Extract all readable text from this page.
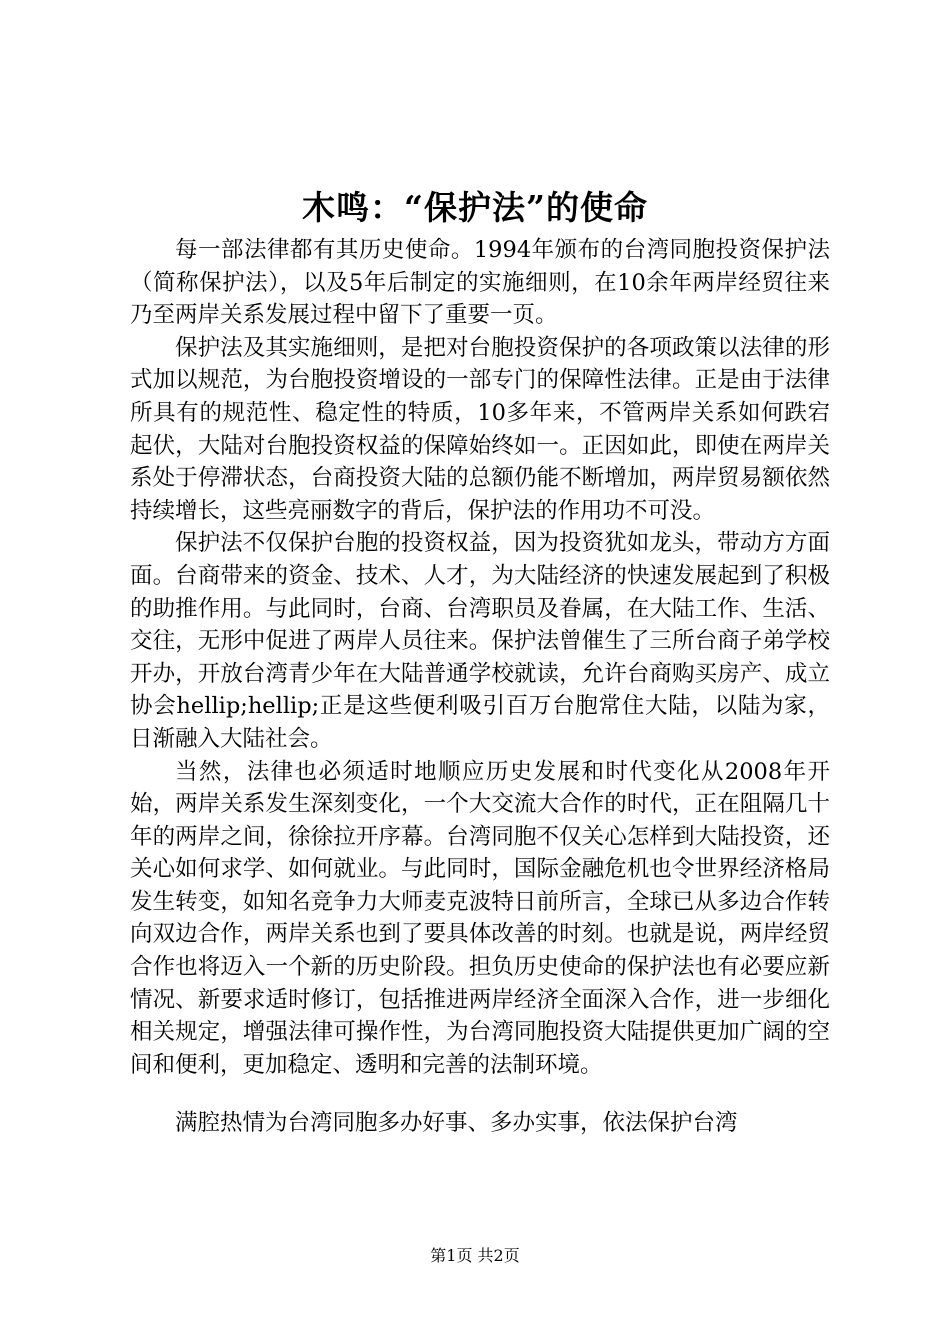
木鸣：“保护法”的使命

每一部法律都有其历史使命。1994年颁布的台湾同胞投资保护法（简称保护法），以及5年后制定的实施细则，在10余年两岸经贸往来乃至两岸关系发展过程中留下了重要一页。

保护法及其实施细则，是把对台胞投资保护的各项政策以法律的形式加以规范，为台胞投资增设的一部专门的保障性法律。正是由于法律所具有的规范性、稳定性的特质，10多年来，不管两岸关系如何跌宕起伏，大陆对台胞投资权益的保障始终如一。正因如此，即使在两岸关系处于停滞状态，台商投资大陆的总额仍能不断增加，两岸贸易额依然持续增长，这些亮丽数字的背后，保护法的作用功不可没。

保护法不仅保护台胞的投资权益，因为投资犹如龙头，带动方方面面。台商带来的资金、技术、人才，为大陆经济的快速发展起到了积极的助推作用。与此同时，台商、台湾职员及眷属，在大陆工作、生活、交往，无形中促进了两岸人员往来。保护法曾催生了三所台商子弟学校开办，开放台湾青少年在大陆普通学校就读，允许台商购买房产、成立协会hellip;hellip;正是这些便利吸引百万台胞常住大陆，以陆为家，日渐融入大陆社会。

当然，法律也必须适时地顺应历史发展和时代变化从2008年开始，两岸关系发生深刻变化，一个大交流大合作的时代，正在阻隔几十年的两岸之间，徐徐拉开序幕。台湾同胞不仅关心怎样到大陆投资，还关心如何求学、如何就业。与此同时，国际金融危机也令世界经济格局发生转变，如知名竞争力大师麦克波特日前所言，全球已从多边合作转向双边合作，两岸关系也到了要具体改善的时刻。也就是说，两岸经贸合作也将迈入一个新的历史阶段。担负历史使命的保护法也有必要应新情况、新要求适时修订，包括推进两岸经济全面深入合作，进一步细化相关规定，增强法律可操作性，为台湾同胞投资大陆提供更加广阔的空间和便利，更加稳定、透明和完善的法制环境。

满腔热情为台湾同胞多办好事、多办实事，依法保护台湾

第1页 共2页
